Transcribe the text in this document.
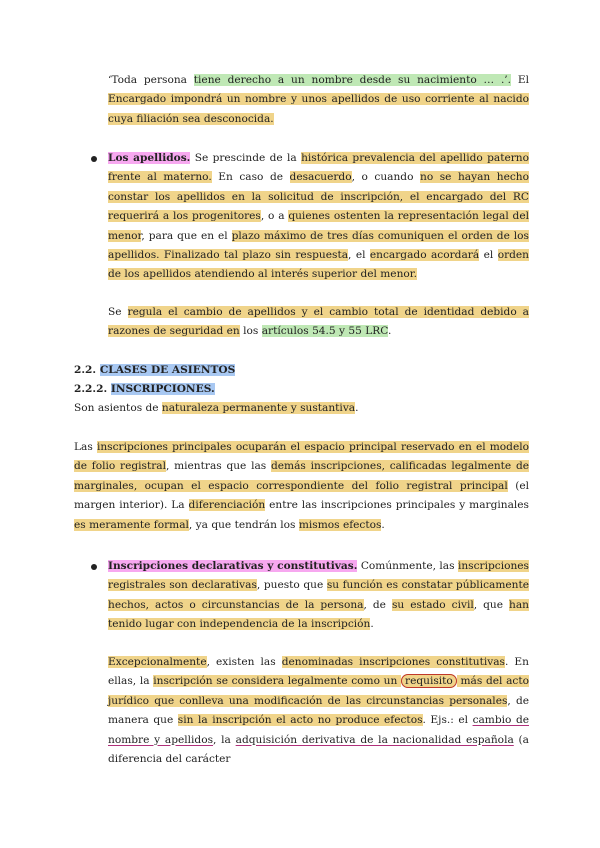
‘Toda persona tiene derecho a un nombre desde su nacimiento … .’. El Encargado impondrá un nombre y unos apellidos de uso corriente al nacido cuya filiación sea desconocida.

Los apellidos. Se prescinde de la histórica prevalencia del apellido paterno frente al materno. En caso de desacuerdo, o cuando no se hayan hecho constar los apellidos en la solicitud de inscripción, el encargado del RC requerirá a los progenitores, o a quienes ostenten la representación legal del menor, para que en el plazo máximo de tres días comuniquen el orden de los apellidos. Finalizado tal plazo sin respuesta, el encargado acordará el orden de los apellidos atendiendo al interés superior del menor.

Se regula el cambio de apellidos y el cambio total de identidad debido a razones de seguridad en los artículos 54.5 y 55 LRC.

2.2. CLASES DE ASIENTOS

2.2.2. INSCRIPCIONES.

Son asientos de naturaleza permanente y sustantiva.

Las inscripciones principales ocuparán el espacio principal reservado en el modelo de folio registral, mientras que las demás inscripciones, calificadas legalmente de marginales, ocupan el espacio correspondiente del folio registral principal (el margen interior). La diferenciación entre las inscripciones principales y marginales es meramente formal, ya que tendrán los mismos efectos.

Inscripciones declarativas y constitutivas. Comúnmente, las inscripciones registrales son declarativas, puesto que su función es constatar públicamente hechos, actos o circunstancias de la persona, de su estado civil, que han tenido lugar con independencia de la inscripción.

Excepcionalmente, existen las denominadas inscripciones constitutivas. En ellas, la inscripción se considera legalmente como un requisito más del acto jurídico que conlleva una modificación de las circunstancias personales, de manera que sin la inscripción el acto no produce efectos. Ejs.: el cambio de nombre y apellidos, la adquisición derivativa de la nacionalidad española (a diferencia del carácter
